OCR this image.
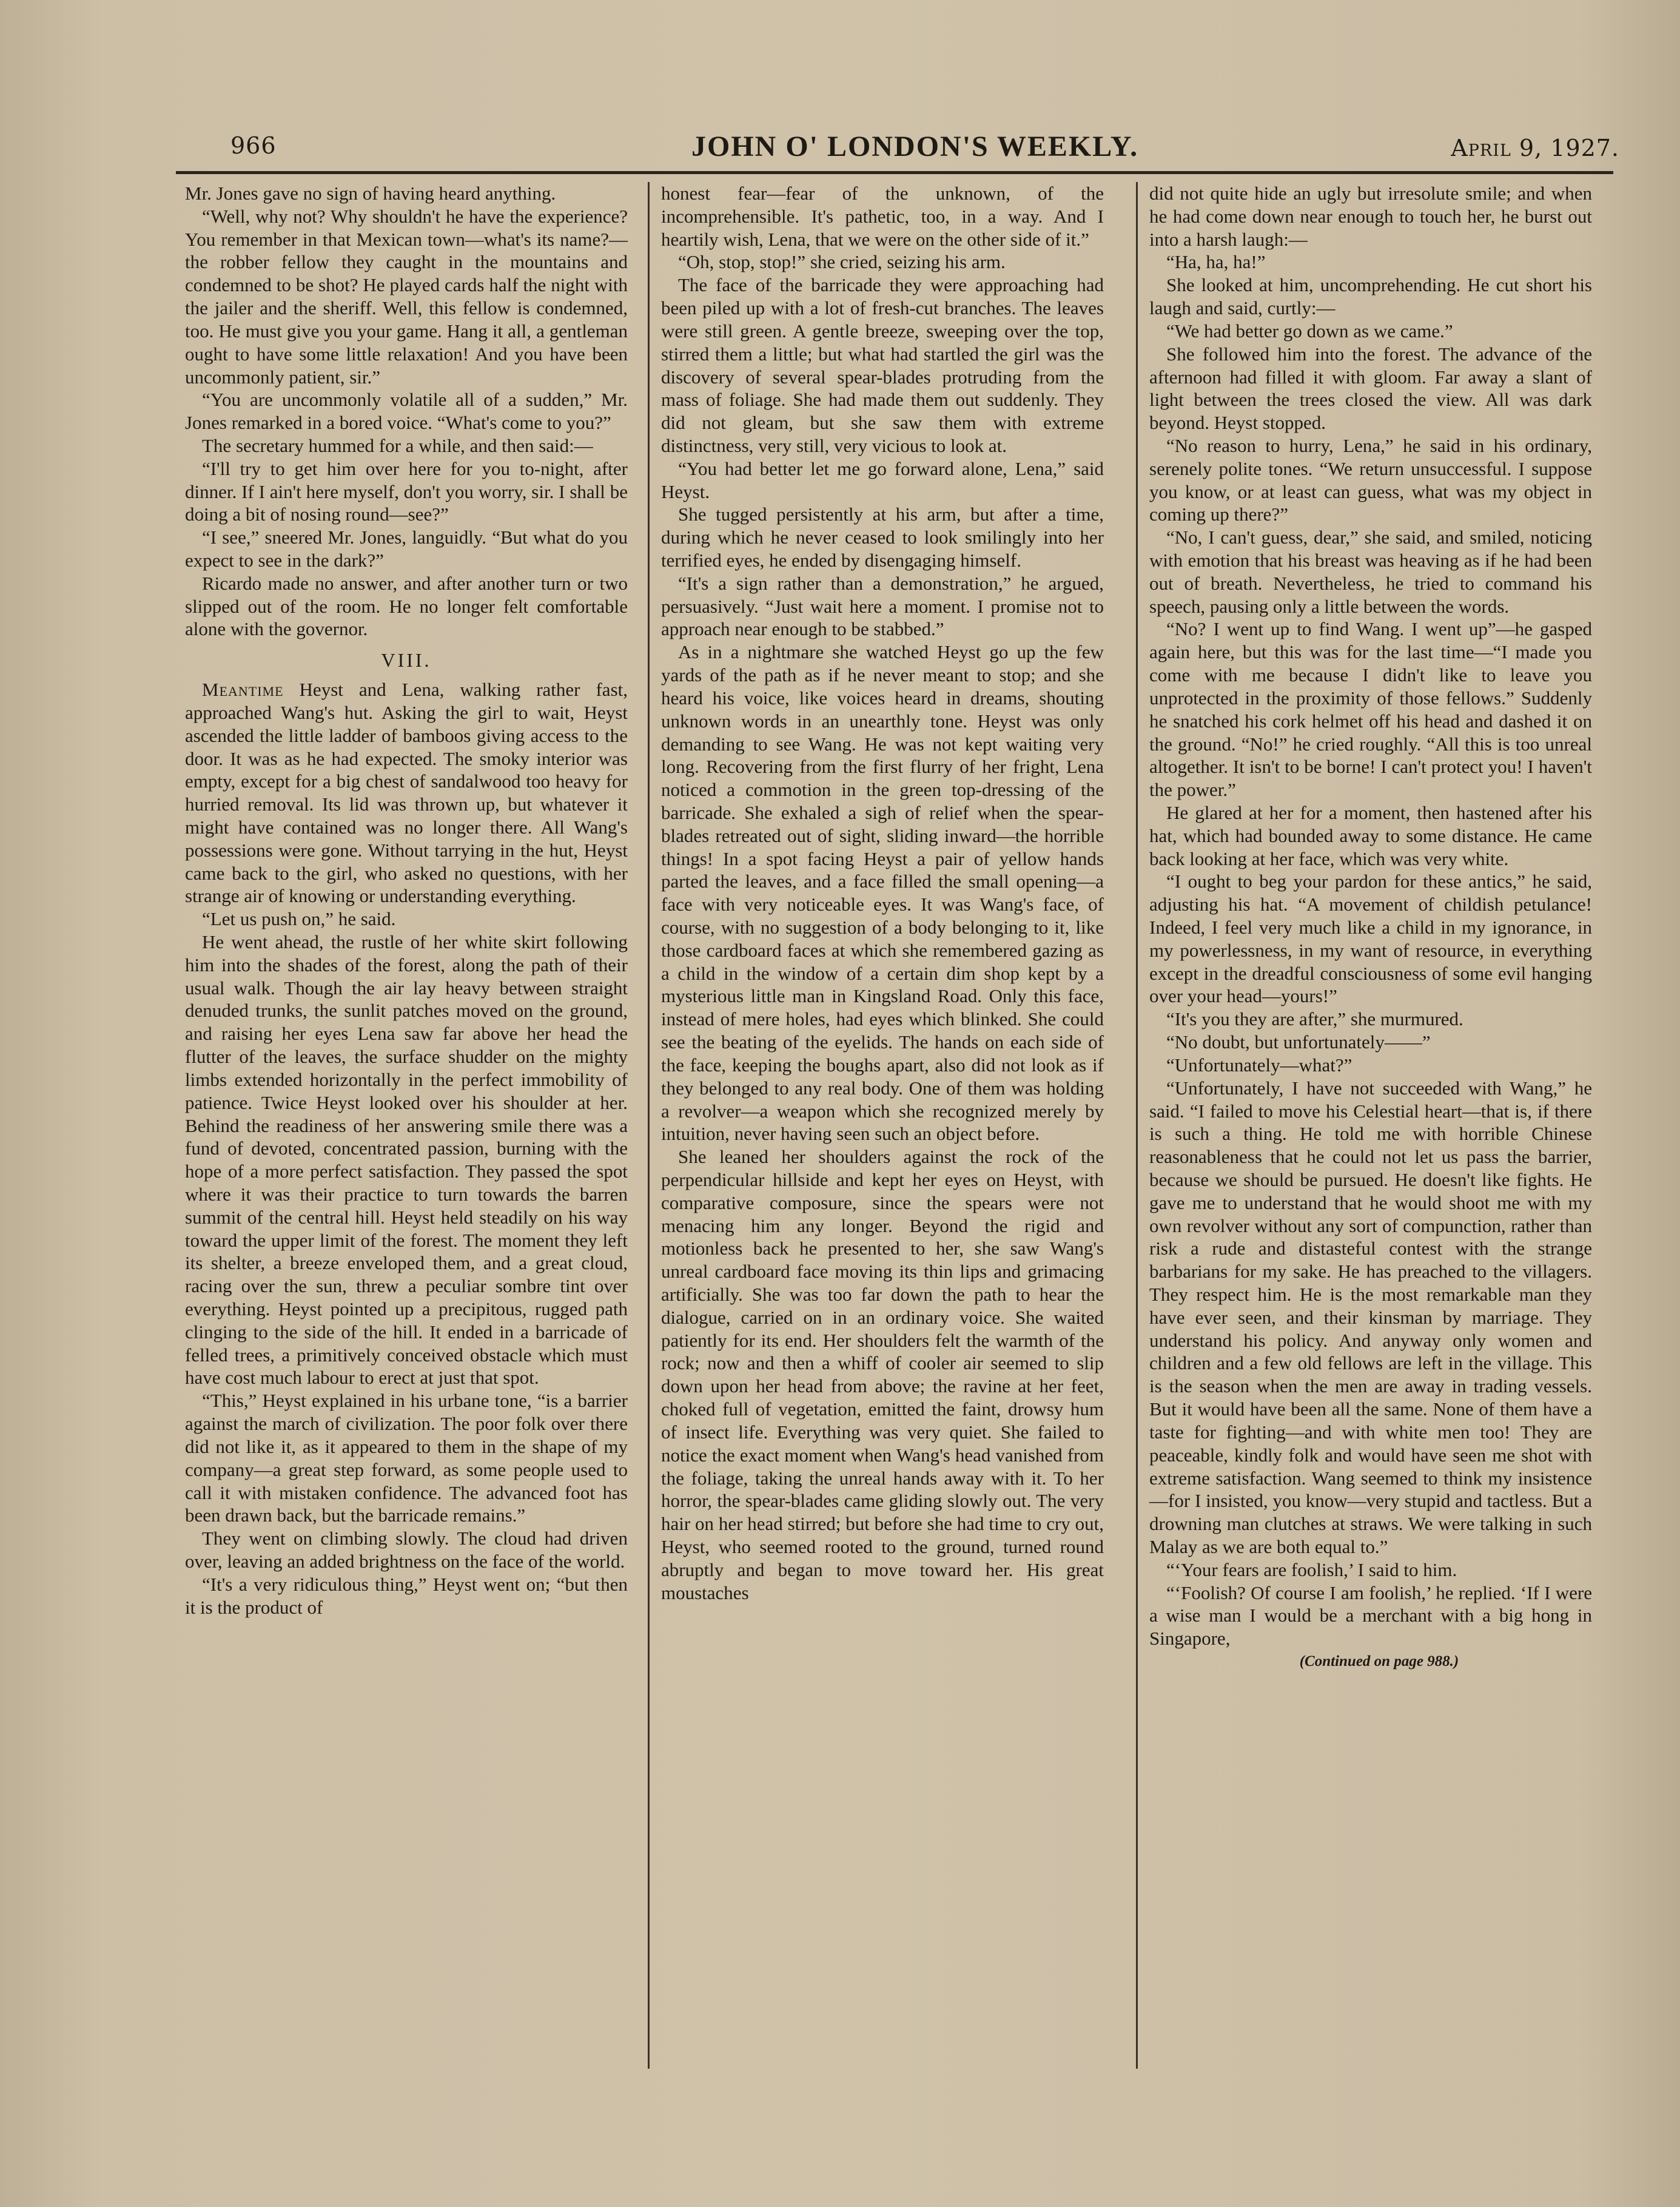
966	JOHN O' LONDON'S WEEKLY.	April 9, 1927.

Mr. Jones gave no sign of having heard anything.

“Well, why not? Why shouldn't he have the experience? You remember in that Mexican town—what's its name?—the robber fellow they caught in the mountains and condemned to be shot? He played cards half the night with the jailer and the sheriff. Well, this fellow is condemned, too. He must give you your game. Hang it all, a gentleman ought to have some little relaxation! And you have been uncommonly patient, sir.”

“You are uncommonly volatile all of a sudden,” Mr. Jones remarked in a bored voice. “What's come to you?”

The secretary hummed for a while, and then said:—

“I'll try to get him over here for you to-night, after dinner. If I ain't here myself, don't you worry, sir. I shall be doing a bit of nosing round—see?”

“I see,” sneered Mr. Jones, languidly. “But what do you expect to see in the dark?”

Ricardo made no answer, and after another turn or two slipped out of the room. He no longer felt comfortable alone with the governor.

VIII.

Meantime Heyst and Lena, walking rather fast, approached Wang's hut. Asking the girl to wait, Heyst ascended the little ladder of bamboos giving access to the door. It was as he had expected. The smoky interior was empty, except for a big chest of sandalwood too heavy for hurried removal. Its lid was thrown up, but whatever it might have contained was no longer there. All Wang's possessions were gone. Without tarrying in the hut, Heyst came back to the girl, who asked no questions, with her strange air of knowing or understanding everything.

“Let us push on,” he said.

He went ahead, the rustle of her white skirt following him into the shades of the forest, along the path of their usual walk. Though the air lay heavy between straight denuded trunks, the sunlit patches moved on the ground, and raising her eyes Lena saw far above her head the flutter of the leaves, the surface shudder on the mighty limbs extended horizontally in the perfect immobility of patience. Twice Heyst looked over his shoulder at her. Behind the readiness of her answering smile there was a fund of devoted, concentrated passion, burning with the hope of a more perfect satisfaction. They passed the spot where it was their practice to turn towards the barren summit of the central hill. Heyst held steadily on his way toward the upper limit of the forest. The moment they left its shelter, a breeze enveloped them, and a great cloud, racing over the sun, threw a peculiar sombre tint over everything. Heyst pointed up a precipitous, rugged path clinging to the side of the hill. It ended in a barricade of felled trees, a primitively conceived obstacle which must have cost much labour to erect at just that spot.

“This,” Heyst explained in his urbane tone, “is a barrier against the march of civilization. The poor folk over there did not like it, as it appeared to them in the shape of my company—a great step forward, as some people used to call it with mistaken confidence. The advanced foot has been drawn back, but the barricade remains.”

They went on climbing slowly. The cloud had driven over, leaving an added brightness on the face of the world.

“It's a very ridiculous thing,” Heyst went on; “but then it is the product of

honest fear—fear of the unknown, of the incomprehensible. It's pathetic, too, in a way. And I heartily wish, Lena, that we were on the other side of it.”

“Oh, stop, stop!” she cried, seizing his arm.

The face of the barricade they were approaching had been piled up with a lot of fresh-cut branches. The leaves were still green. A gentle breeze, sweeping over the top, stirred them a little; but what had startled the girl was the discovery of several spear-blades protruding from the mass of foliage. She had made them out suddenly. They did not gleam, but she saw them with extreme distinctness, very still, very vicious to look at.

“You had better let me go forward alone, Lena,” said Heyst.

She tugged persistently at his arm, but after a time, during which he never ceased to look smilingly into her terrified eyes, he ended by disengaging himself.

“It's a sign rather than a demonstration,” he argued, persuasively. “Just wait here a moment. I promise not to approach near enough to be stabbed.”

As in a nightmare she watched Heyst go up the few yards of the path as if he never meant to stop; and she heard his voice, like voices heard in dreams, shouting unknown words in an unearthly tone. Heyst was only demanding to see Wang. He was not kept waiting very long. Recovering from the first flurry of her fright, Lena noticed a commotion in the green top-dressing of the barricade. She exhaled a sigh of relief when the spear-blades retreated out of sight, sliding inward—the horrible things! In a spot facing Heyst a pair of yellow hands parted the leaves, and a face filled the small opening—a face with very noticeable eyes. It was Wang's face, of course, with no suggestion of a body belonging to it, like those cardboard faces at which she remembered gazing as a child in the window of a certain dim shop kept by a mysterious little man in Kingsland Road. Only this face, instead of mere holes, had eyes which blinked. She could see the beating of the eyelids. The hands on each side of the face, keeping the boughs apart, also did not look as if they belonged to any real body. One of them was holding a revolver—a weapon which she recognized merely by intuition, never having seen such an object before.

She leaned her shoulders against the rock of the perpendicular hillside and kept her eyes on Heyst, with comparative composure, since the spears were not menacing him any longer. Beyond the rigid and motionless back he presented to her, she saw Wang's unreal cardboard face moving its thin lips and grimacing artificially. She was too far down the path to hear the dialogue, carried on in an ordinary voice. She waited patiently for its end. Her shoulders felt the warmth of the rock; now and then a whiff of cooler air seemed to slip down upon her head from above; the ravine at her feet, choked full of vegetation, emitted the faint, drowsy hum of insect life. Everything was very quiet. She failed to notice the exact moment when Wang's head vanished from the foliage, taking the unreal hands away with it. To her horror, the spear-blades came gliding slowly out. The very hair on her head stirred; but before she had time to cry out, Heyst, who seemed rooted to the ground, turned round abruptly and began to move toward her. His great moustaches

did not quite hide an ugly but irresolute smile; and when he had come down near enough to touch her, he burst out into a harsh laugh:—

“Ha, ha, ha!”

She looked at him, uncomprehending. He cut short his laugh and said, curtly:—

“We had better go down as we came.”

She followed him into the forest. The advance of the afternoon had filled it with gloom. Far away a slant of light between the trees closed the view. All was dark beyond. Heyst stopped.

“No reason to hurry, Lena,” he said in his ordinary, serenely polite tones. “We return unsuccessful. I suppose you know, or at least can guess, what was my object in coming up there?”

“No, I can't guess, dear,” she said, and smiled, noticing with emotion that his breast was heaving as if he had been out of breath. Nevertheless, he tried to command his speech, pausing only a little between the words.

“No? I went up to find Wang. I went up”—he gasped again here, but this was for the last time—“I made you come with me because I didn't like to leave you unprotected in the proximity of those fellows.” Suddenly he snatched his cork helmet off his head and dashed it on the ground. “No!” he cried roughly. “All this is too unreal altogether. It isn't to be borne! I can't protect you! I haven't the power.”

He glared at her for a moment, then hastened after his hat, which had bounded away to some distance. He came back looking at her face, which was very white.

“I ought to beg your pardon for these antics,” he said, adjusting his hat. “A movement of childish petulance! Indeed, I feel very much like a child in my ignorance, in my powerlessness, in my want of resource, in everything except in the dreadful consciousness of some evil hanging over your head—yours!”

“It's you they are after,” she murmured.

“No doubt, but unfortunately——”

“Unfortunately—what?”

“Unfortunately, I have not succeeded with Wang,” he said. “I failed to move his Celestial heart—that is, if there is such a thing. He told me with horrible Chinese reasonableness that he could not let us pass the barrier, because we should be pursued. He doesn't like fights. He gave me to understand that he would shoot me with my own revolver without any sort of compunction, rather than risk a rude and distasteful contest with the strange barbarians for my sake. He has preached to the villagers. They respect him. He is the most remarkable man they have ever seen, and their kinsman by marriage. They understand his policy. And anyway only women and children and a few old fellows are left in the village. This is the season when the men are away in trading vessels. But it would have been all the same. None of them have a taste for fighting—and with white men too! They are peaceable, kindly folk and would have seen me shot with extreme satisfaction. Wang seemed to think my insistence—for I insisted, you know—very stupid and tactless. But a drowning man clutches at straws. We were talking in such Malay as we are both equal to.”

“‘Your fears are foolish,’ I said to him.

“‘Foolish? Of course I am foolish,’ he replied. ‘If I were a wise man I would be a merchant with a big hong in Singapore,

(Continued on page 988.)
